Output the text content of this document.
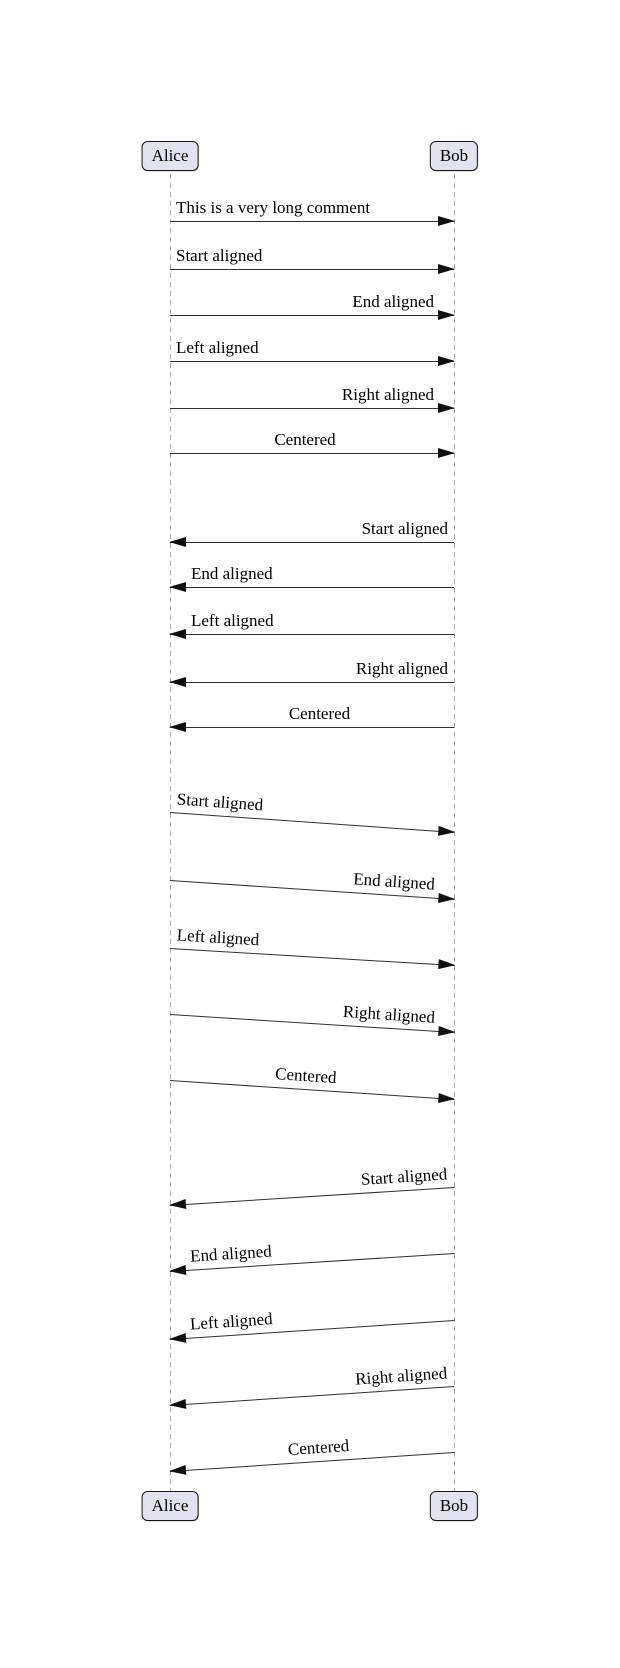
Alice	Bob
Alice	Bob
This is a very long comment
Start aligned
End aligned
Left aligned
Right aligned
Centered
Start aligned
End aligned
Left aligned
Right aligned
Centered
Start aligned
End aligned
Left aligned
Right aligned
Centered
Start aligned
End aligned
Left aligned
Right aligned
Centered
